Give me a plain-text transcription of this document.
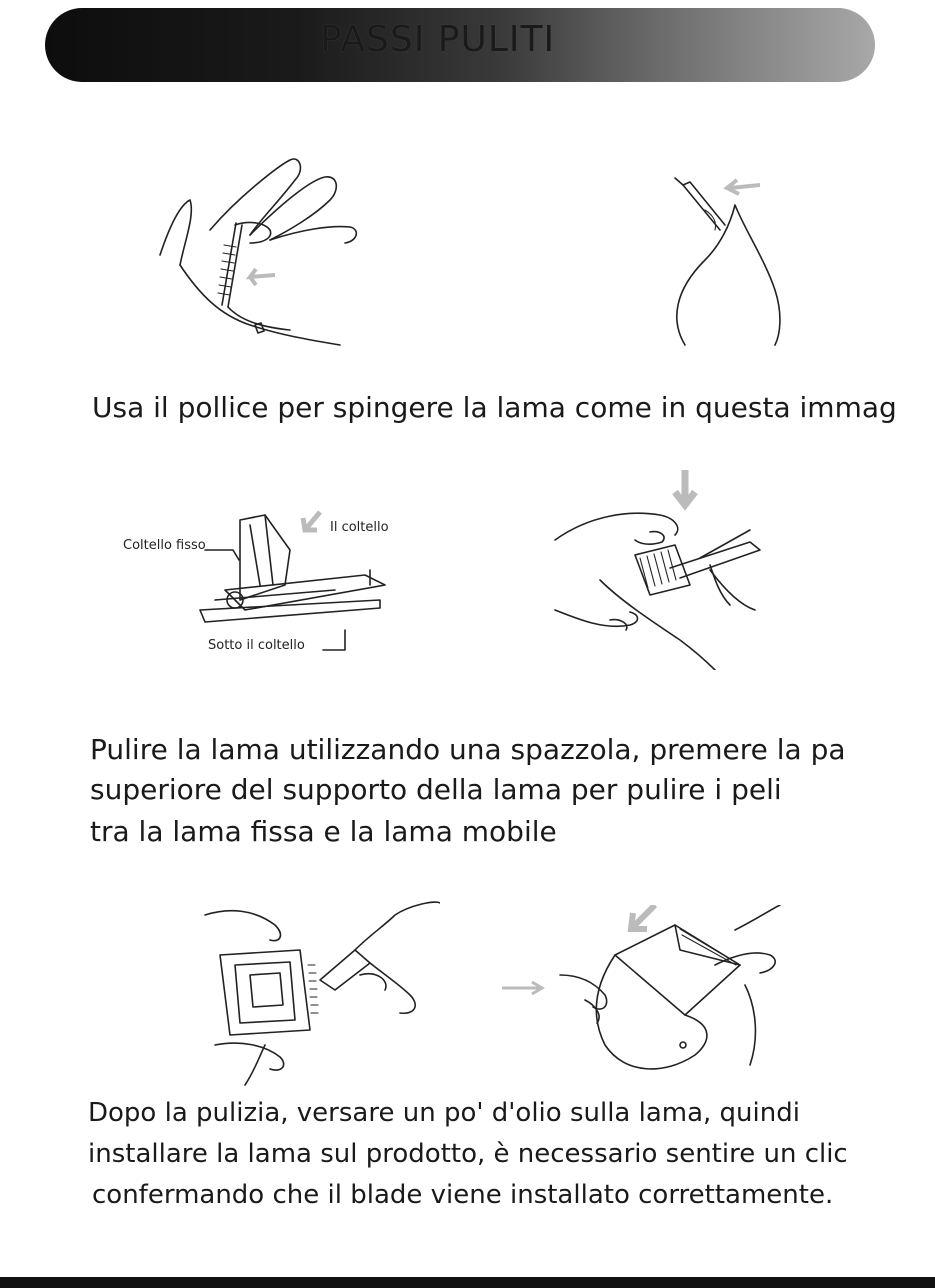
PASSI PULITI
Usa il pollice per spingere la lama come in questa immag
Coltello fisso
Il coltello
Sotto il coltello
Pulire la lama utilizzando una spazzola, premere la pa
superiore del supporto della lama per pulire i peli
tra la lama fissa e la lama mobile
Dopo la pulizia, versare un po' d'olio sulla lama, quindi
installare la lama sul prodotto, è necessario sentire un clic
confermando che il blade viene installato correttamente.
